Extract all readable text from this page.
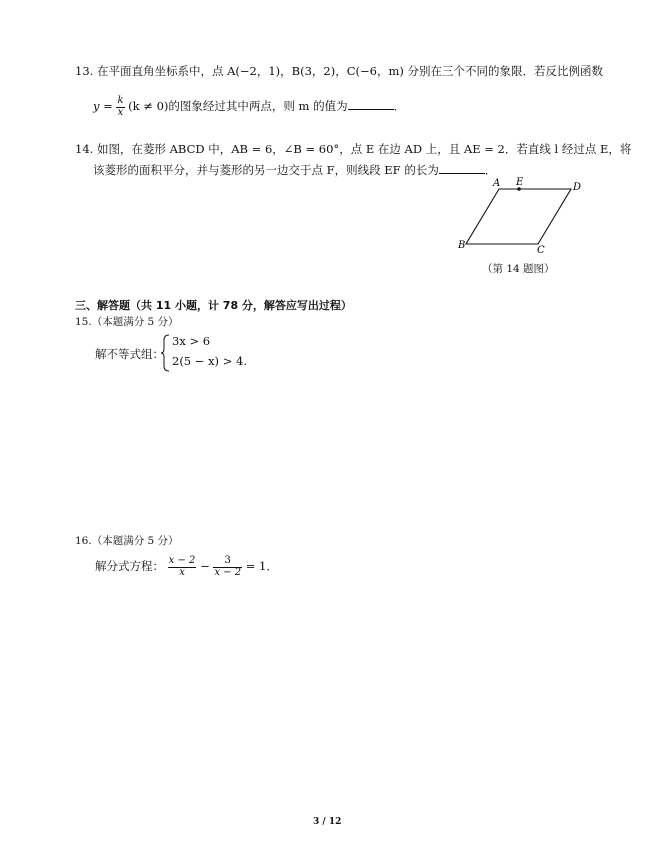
13. 在平面直角坐标系中，点 A(−2，1)，B(3，2)，C(−6，m) 分别在三个不同的象限．若反比例函数
$y = \frac{k}{x} (k \ne 0)$的图象经过其中两点，则 m 的值为	．
14. 如图，在菱形 ABCD 中，AB = 6，∠B = 60°，点 E 在边 AD 上，且 AE = 2．若直线 l 经过点 E，将
该菱形的面积平分，并与菱形的另一边交于点 F，则线段 EF 的长为	．
A E	D
B	C
（第 14 题图）
三、解答题（共 11 小题，计 78 分，解答应写出过程）
15.（本题满分 5 分）
解不等式组：
3x > 6
2(5 − x) > 4.
16.（本题满分 5 分）
解分式方程： $\frac{x - 2}{x} - \frac{3}{x - 2} = 1$．
3 / 12
